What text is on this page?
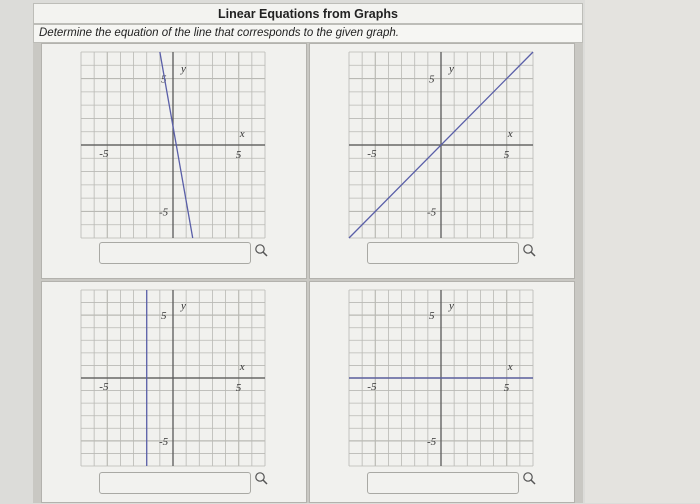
Linear Equations from Graphs
Determine the equation of the line that corresponds to the given graph.
5
y
-5
-5	5
x
5
y
-5
-5	5
x
5
y
-5
-5	5
x
5
y
-5
-5	5
x
